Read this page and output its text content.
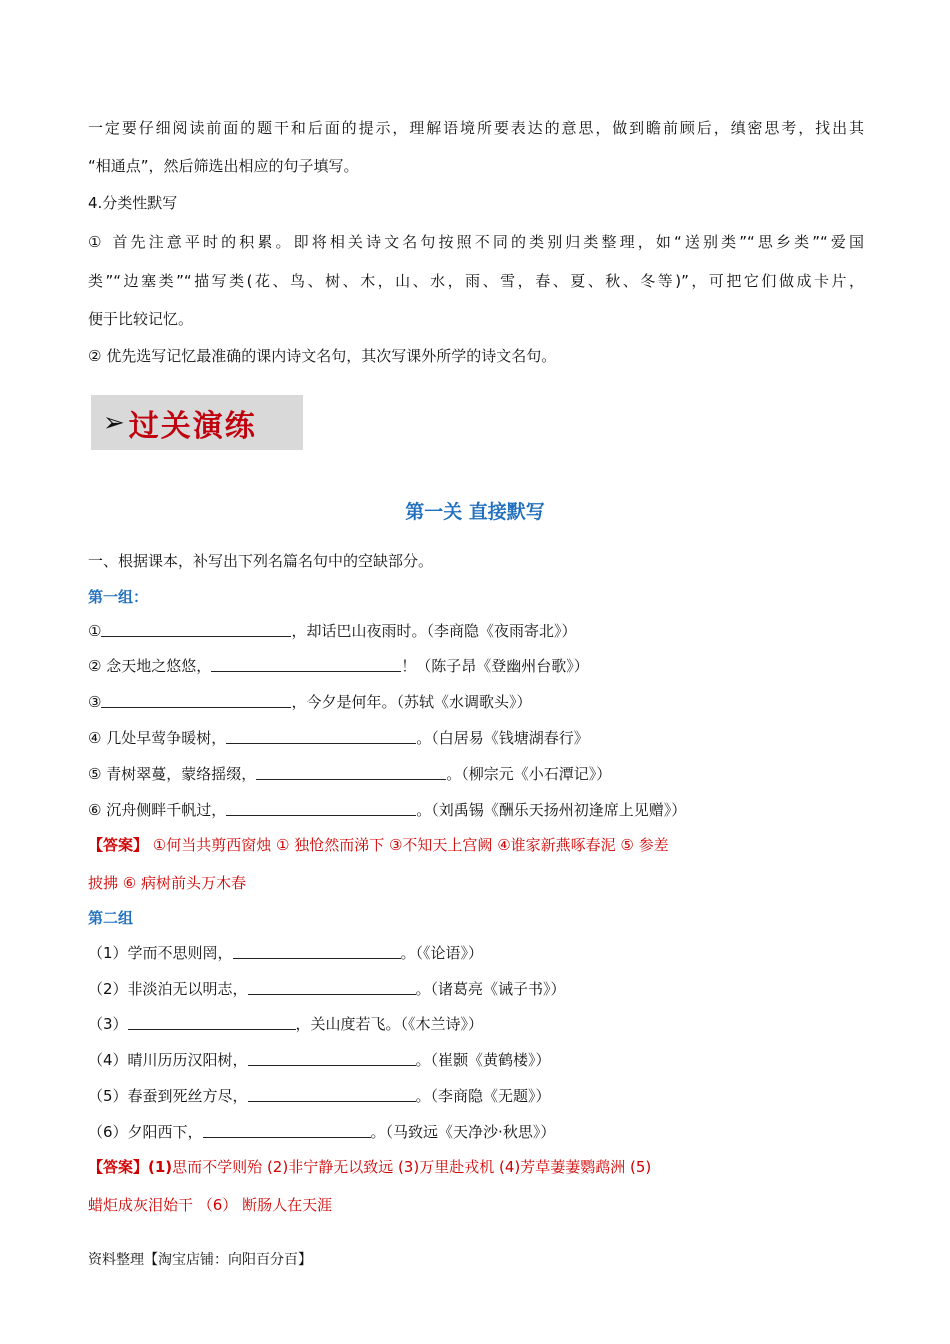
一定要仔细阅读前面的题干和后面的提示，理解语境所要表达的意思，做到瞻前顾后，缜密思考，找出其
“相通点”，然后筛选出相应的句子填写。
4.分类性默写
① 首先注意平时的积累。即将相关诗文名句按照不同的类别归类整理，如“送别类”“思乡类”“爱国
类”“边塞类”“描写类(花、鸟、树、木，山、水，雨、雪，春、夏、秋、冬等)”，可把它们做成卡片，
便于比较记忆。
② 优先选写记忆最准确的课内诗文名句，其次写课外所学的诗文名句。
➢ 过关演练
第一关 直接默写
一、根据课本，补写出下列名篇名句中的空缺部分。
第一组：
①	，却话巴山夜雨时。（李商隐《夜雨寄北》）
② 念天地之悠悠，	！（陈子昂《登幽州台歌》）
③	，今夕是何年。（苏轼《水调歌头》）
④ 几处早莺争暖树，	。（白居易《钱塘湖春行》
⑤ 青树翠蔓，蒙络摇缀，	。（柳宗元《小石潭记》）
⑥ 沉舟侧畔千帆过，	。（刘禹锡《酬乐天扬州初逢席上见赠》）
【答案】 ①何当共剪西窗烛 ① 独怆然而涕下 ③不知天上宫阙 ④谁家新燕啄春泥 ⑤ 参差
披拂 ⑥ 病树前头万木春
第二组
（1）学而不思则罔，	。（《论语》）
（2）非淡泊无以明志，	。（诸葛亮《诫子书》）
（3）	，关山度若飞。（《木兰诗》）
（4）晴川历历汉阳树，	。（崔颢《黄鹤楼》）
（5）春蚕到死丝方尽，	。（李商隐《无题》）
（6）夕阳西下，	。（马致远《天净沙·秋思》）
【答案】(1)思而不学则殆 (2)非宁静无以致远 (3)万里赴戎机 (4)芳草萋萋鹦鹉洲 (5)
蜡炬成灰泪始干 （6） 断肠人在天涯
资料整理【淘宝店铺：向阳百分百】
